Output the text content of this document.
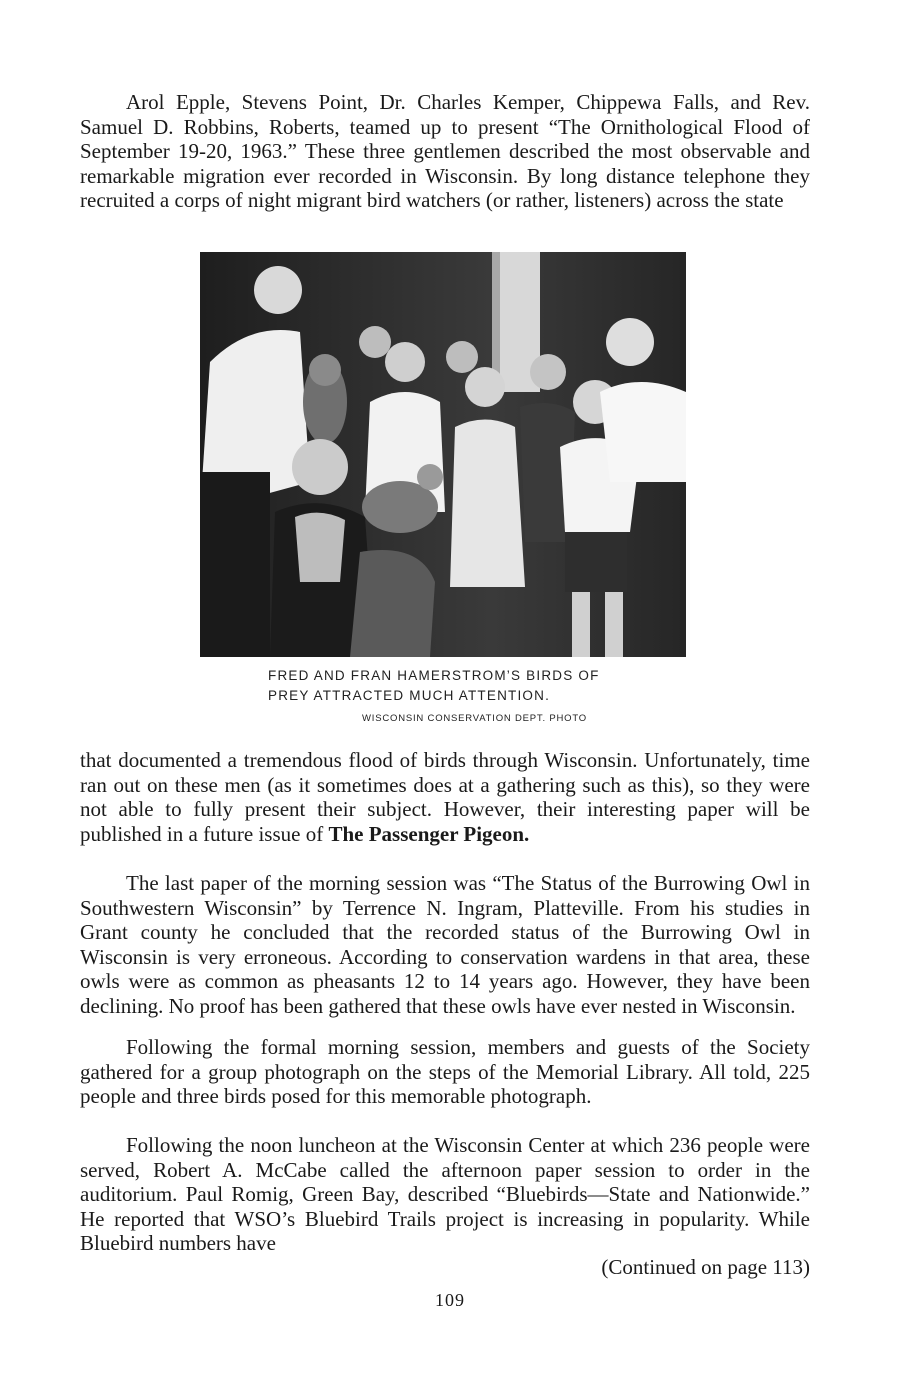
Arol Epple, Stevens Point, Dr. Charles Kemper, Chippewa Falls, and Rev. Samuel D. Robbins, Roberts, teamed up to present “The Ornithological Flood of September 19-20, 1963.” These three gentlemen described the most observable and remarkable migration ever recorded in Wisconsin. By long distance telephone they recruited a corps of night migrant bird watchers (or rather, listeners) across the state

FRED AND FRAN HAMERSTROM’S BIRDS OF
PREY ATTRACTED MUCH ATTENTION.
WISCONSIN CONSERVATION DEPT. PHOTO

that documented a tremendous flood of birds through Wisconsin. Unfortunately, time ran out on these men (as it sometimes does at a gathering such as this), so they were not able to fully present their subject. However, their interesting paper will be published in a future issue of The Passenger Pigeon.

The last paper of the morning session was “The Status of the Burrowing Owl in Southwestern Wisconsin” by Terrence N. Ingram, Platteville. From his studies in Grant county he concluded that the recorded status of the Burrowing Owl in Wisconsin is very erroneous. According to conservation wardens in that area, these owls were as common as pheasants 12 to 14 years ago. However, they have been declining. No proof has been gathered that these owls have ever nested in Wisconsin.

Following the formal morning session, members and guests of the Society gathered for a group photograph on the steps of the Memorial Library. All told, 225 people and three birds posed for this memorable photograph.

Following the noon luncheon at the Wisconsin Center at which 236 people were served, Robert A. McCabe called the afternoon paper session to order in the auditorium. Paul Romig, Green Bay, described “Bluebirds—State and Nationwide.” He reported that WSO’s Bluebird Trails project is increasing in popularity. While Bluebird numbers have

(Continued on page 113)
109
